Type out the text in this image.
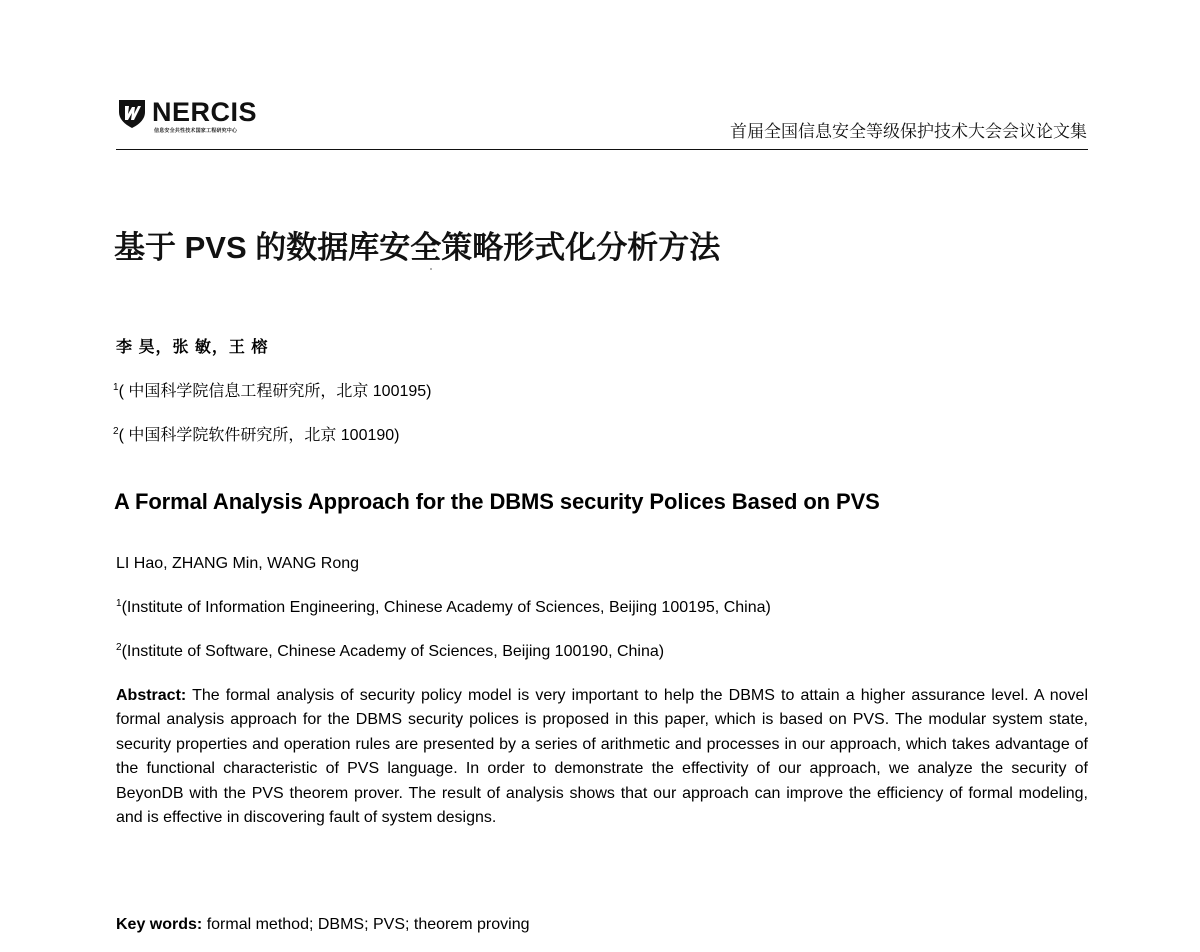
NERCIS
信息安全共性技术国家工程研究中心	首届全国信息安全等级保护技术大会会议论文集
基于 PVS 的数据库安全策略形式化分析方法
李 昊，张 敏，王 榕
$^1$( 中国科学院信息工程研究所，北京 100195)
$^2$( 中国科学院软件研究所，北京 100190)
A Formal Analysis Approach for the DBMS security Polices Based on PVS
LI Hao, ZHANG Min, WANG Rong
$^1$(Institute of Information Engineering, Chinese Academy of Sciences, Beijing 100195, China)
$^2$(Institute of Software, Chinese Academy of Sciences, Beijing 100190, China)
Abstract: The formal analysis of security policy model is very important to help the DBMS to attain a higher assurance level. A novel formal analysis approach for the DBMS security polices is proposed in this paper, which is based on PVS. The modular system state, security properties and operation rules are presented by a series of arithmetic and processes in our approach, which takes advantage of the functional characteristic of PVS language. In order to demonstrate the effectivity of our approach, we analyze the security of BeyonDB with the PVS theorem prover. The result of analysis shows that our approach can improve the efficiency of formal modeling, and is effective in discovering fault of system designs.
Key words: formal method; DBMS; PVS; theorem proving
